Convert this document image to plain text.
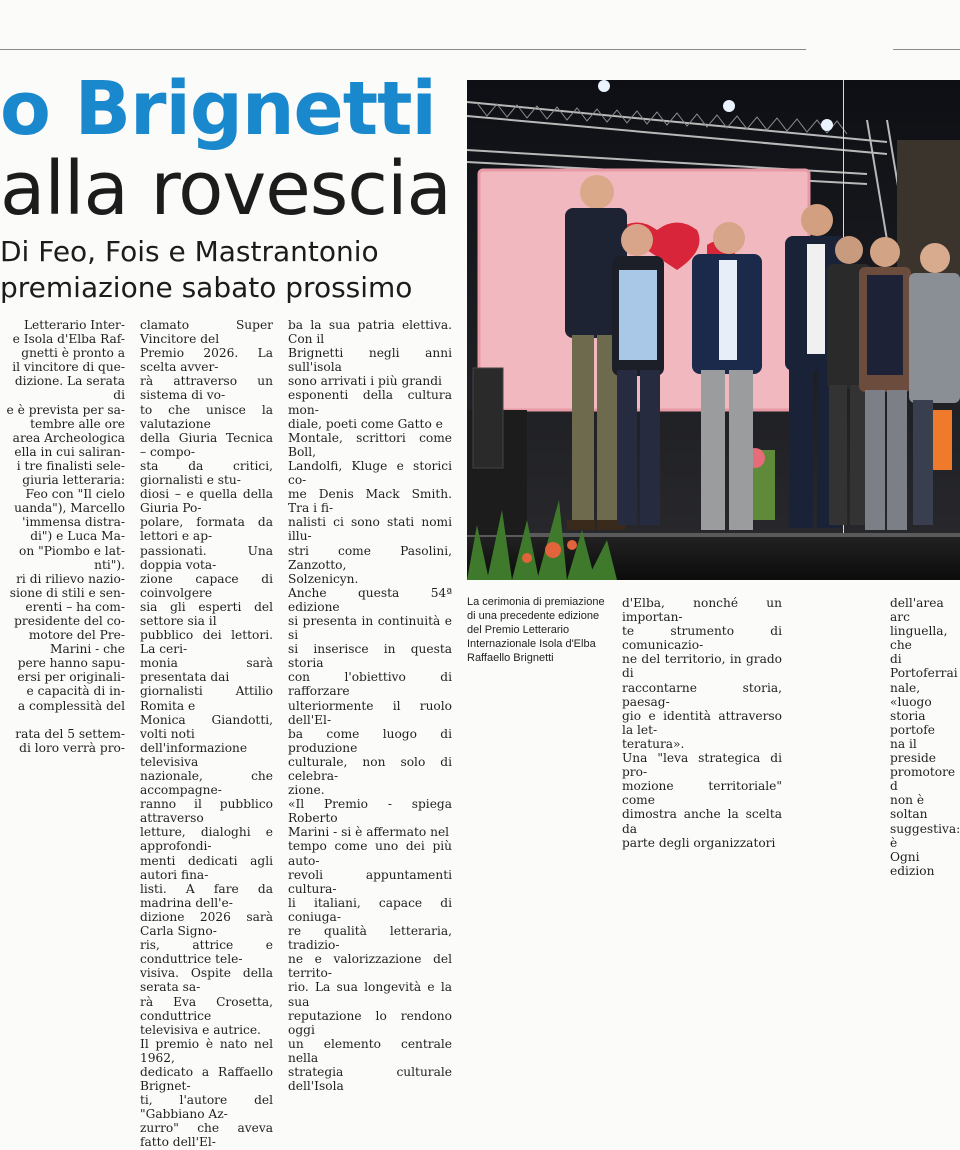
o Brignetti
alla rovescia
Di Feo, Fois e Mastrantonio
premiazione sabato prossimo

Letterario Inter-

e Isola d'Elba Raf-

gnetti è pronto a

il vincitore di que-

dizione. La serata di

e è prevista per sa-

tembre alle ore

area Archeologica

ella in cui saliran-

i tre finalisti sele-

giuria letteraria:

Feo con "Il cielo

uanda"), Marcello

'immensa distra-

di") e Luca Ma-

on "Piombo e lat-

nti").

ri di rilievo nazio-

sione di stili e sen-

erenti – ha com-

presidente del co-

motore del Pre-

Marini - che

pere hanno sapu-

ersi per originali-

e capacità di in-

a complessità del

rata del 5 settem-

di loro verrà pro-

clamato Super Vincitore del

Premio 2026. La scelta avver-

rà attraverso un sistema di vo-

to che unisce la valutazione

della Giuria Tecnica – compo-

sta da critici, giornalisti e stu-

diosi – e quella della Giuria Po-

polare, formata da lettori e ap-

passionati. Una doppia vota-

zione capace di coinvolgere

sia gli esperti del settore sia il

pubblico dei lettori. La ceri-

monia sarà presentata dai

giornalisti Attilio Romita e

Monica Giandotti, volti noti

dell'informazione televisiva

nazionale, che accompagne-

ranno il pubblico attraverso

letture, dialoghi e approfondi-

menti dedicati agli autori fina-

listi. A fare da madrina dell'e-

dizione 2026 sarà Carla Signo-

ris, attrice e conduttrice tele-

visiva. Ospite della serata sa-

rà Eva Crosetta, conduttrice

televisiva e autrice.

Il premio è nato nel 1962,

dedicato a Raffaello Brignet-

ti, l'autore del "Gabbiano Az-

zurro" che aveva fatto dell'El-

ba la sua patria elettiva. Con il

Brignetti negli anni sull'isola

sono arrivati i più grandi

esponenti della cultura mon-

diale, poeti come Gatto e

Montale, scrittori come Boll,

Landolfi, Kluge e storici co-

me Denis Mack Smith. Tra i fi-

nalisti ci sono stati nomi illu-

stri come Pasolini, Zanzotto,

Solzenicyn.

Anche questa 54ª edizione

si presenta in continuità e si

si inserisce in questa storia

con l'obiettivo di rafforzare

ulteriormente il ruolo dell'El-

ba come luogo di produzione

culturale, non solo di celebra-

zione.

«Il Premio - spiega Roberto

Marini - si è affermato nel

tempo come uno dei più auto-

revoli appuntamenti cultura-

li italiani, capace di coniuga-

re qualità letteraria, tradizio-

ne e valorizzazione del territo-

rio. La sua longevità e la sua

reputazione lo rendono oggi

un elemento centrale nella

strategia culturale dell'Isola

d'Elba, nonché un importan-

te strumento di comunicazio-

ne del territorio, in grado di

raccontarne storia, paesag-

gio e identità attraverso la let-

teratura».

Una "leva strategica di pro-

mozione territoriale" come

dimostra anche la scelta da

parte degli organizzatori

dell'area arc

linguella, che

di Portoferrai

nale, «luogo

storia portofe

na il preside

promotore d

non è soltan

suggestiva: è

Ogni edizion

La cerimonia di premiazione di una precedente edizione del Premio Letterario Internazionale Isola d'Elba Raffaello Brignetti
